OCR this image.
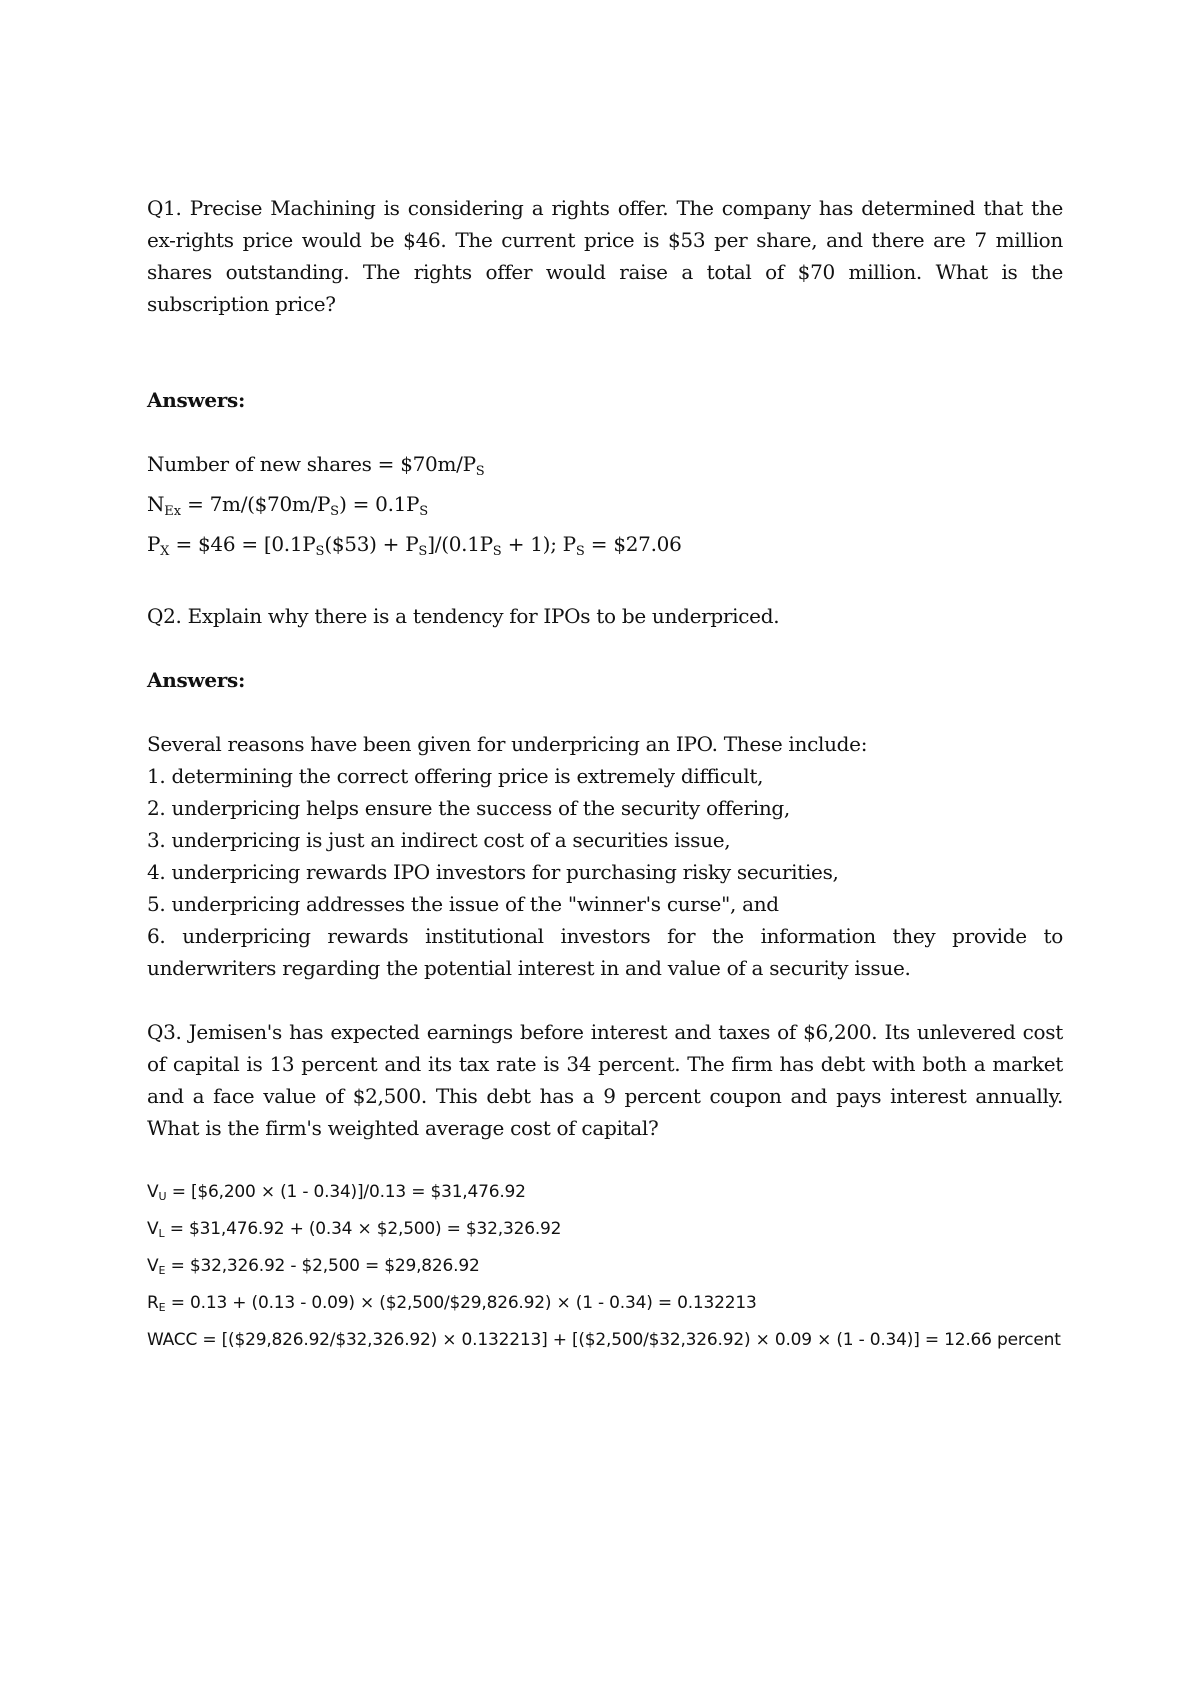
Q1. Precise Machining is considering a rights offer. The company has determined that the ex-rights price would be $46. The current price is $53 per share, and there are 7 million shares outstanding. The rights offer would raise a total of $70 million. What is the subscription price?

Answers:

Number of new shares = $\$70m/P_S$
$N_{Ex}$ = $7m/(\$70m/P_S) = 0.1P_S$
$P_X$ = $46 = $[0.1P_S(\$53) + P_S]/(0.1P_S + 1)$; $P_S$ = $27.06

Q2. Explain why there is a tendency for IPOs to be underpriced.

Answers:

Several reasons have been given for underpricing an IPO. These include:
1. determining the correct offering price is extremely difficult,
2. underpricing helps ensure the success of the security offering,
3. underpricing is just an indirect cost of a securities issue,
4. underpricing rewards IPO investors for purchasing risky securities,
5. underpricing addresses the issue of the "winner's curse", and
6. underpricing rewards institutional investors for the information they provide to underwriters regarding the potential interest in and value of a security issue.

Q3. Jemisen's has expected earnings before interest and taxes of $6,200. Its unlevered cost of capital is 13 percent and its tax rate is 34 percent. The firm has debt with both a market and a face value of $2,500. This debt has a 9 percent coupon and pays interest annually. What is the firm's weighted average cost of capital?

$V_U$ = [$6,200 × (1 - 0.34)]/0.13 = $31,476.92
$V_L$ = $31,476.92 + (0.34 × $2,500) = $32,326.92
$V_E$ = $32,326.92 - $2,500 = $29,826.92
$R_E = 0.13 + (0.13 - 0.09)$ × ($2,500/$29,826.92) × (1 - 0.34) = 0.132213
WACC = [($29,826.92/$32,326.92) × 0.132213] + [($2,500/$32,326.92) × 0.09 × (1 - 0.34)] = 12.66 percent
